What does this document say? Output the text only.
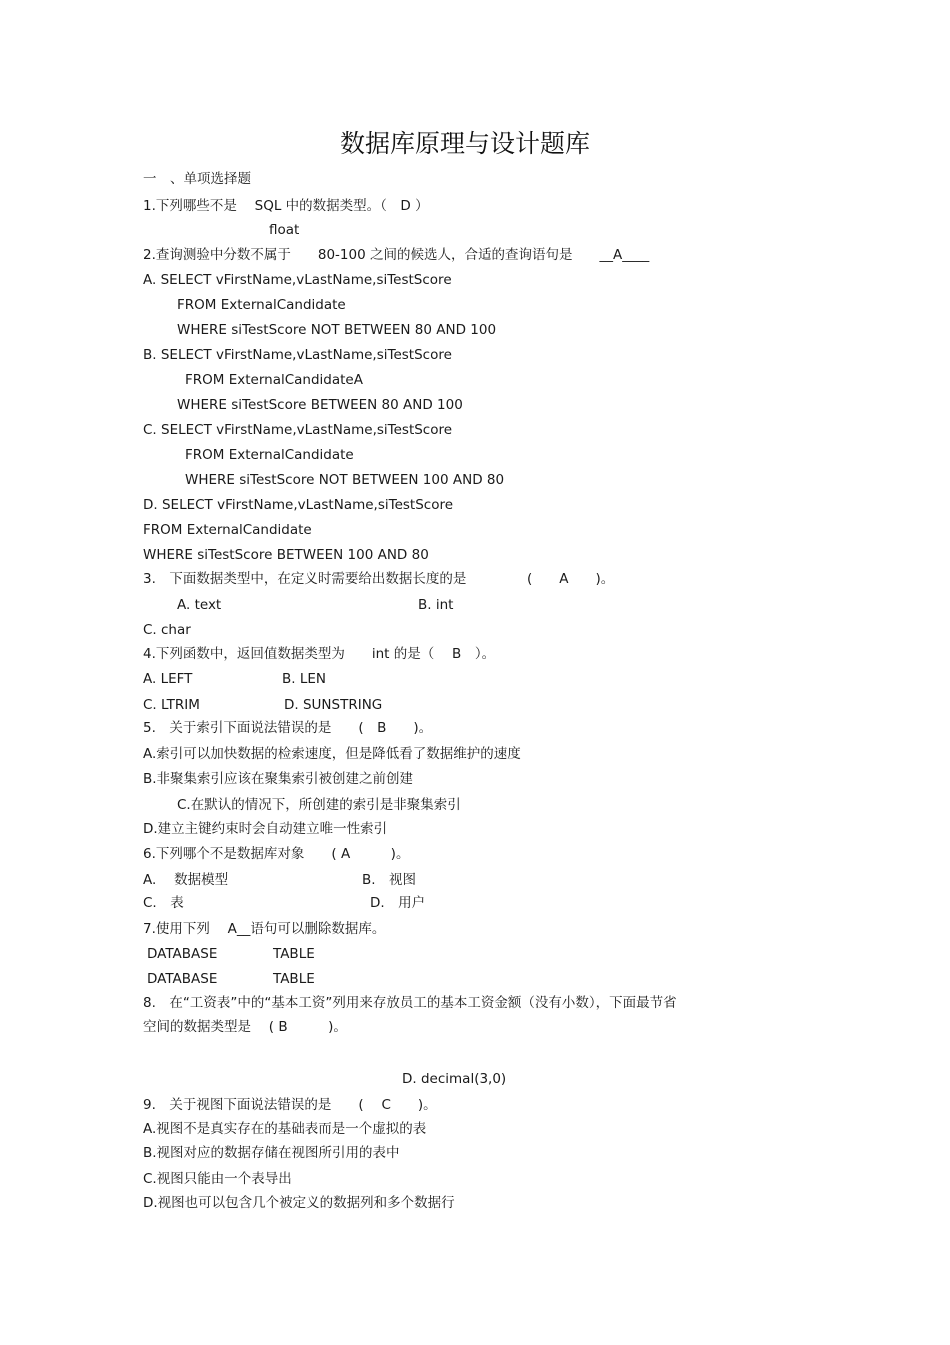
数据库原理与设计题库
一　、单项选择题
1.下列哪些不是　 SQL 中的数据类型。（　D ）
float
2.查询测验中分数不属于　　80-100 之间的候选人，合适的查询语句是　　__A____
A. SELECT vFirstName,vLastName,siTestScore
FROM ExternalCandidate
WHERE siTestScore NOT BETWEEN 80 AND 100
B. SELECT vFirstName,vLastName,siTestScore
FROM ExternalCandidateA
WHERE siTestScore BETWEEN 80 AND 100
C. SELECT vFirstName,vLastName,siTestScore
FROM ExternalCandidate
WHERE siTestScore NOT BETWEEN 100 AND 80
D. SELECT vFirstName,vLastName,siTestScore
FROM ExternalCandidate
WHERE siTestScore BETWEEN 100 AND 80
3.　下面数据类型中，在定义时需要给出数据长度的是	(　　A　　)。
A. text	B. int
C. char
4.下列函数中，返回值数据类型为　　int 的是（　 B　）。
A. LEFT	B. LEN
C. LTRIM	D. SUNSTRING
5.　关于索引下面说法错误的是　　(　B　　)。
A.索引可以加快数据的检索速度，但是降低看了数据维护的速度
B.非聚集索引应该在聚集索引被创建之前创建
C.在默认的情况下，所创建的索引是非聚集索引
D.建立主键约束时会自动建立唯一性索引
6.下列哪个不是数据库对象　　( A　　　)。
A.　 数据模型	B.　视图
C.　表	D.　用户
7.使用下列　 A__语句可以删除数据库。
DATABASE	TABLE
DATABASE	TABLE
8.　在“工资表”中的“基本工资”列用来存放员工的基本工资金额（没有小数），下面最节省
空间的数据类型是　 ( B　　　)。
D. decimal(3,0)
9.　关于视图下面说法错误的是　　(　 C　　)。
A.视图不是真实存在的基础表而是一个虚拟的表
B.视图对应的数据存储在视图所引用的表中
C.视图只能由一个表导出
D.视图也可以包含几个被定义的数据列和多个数据行
